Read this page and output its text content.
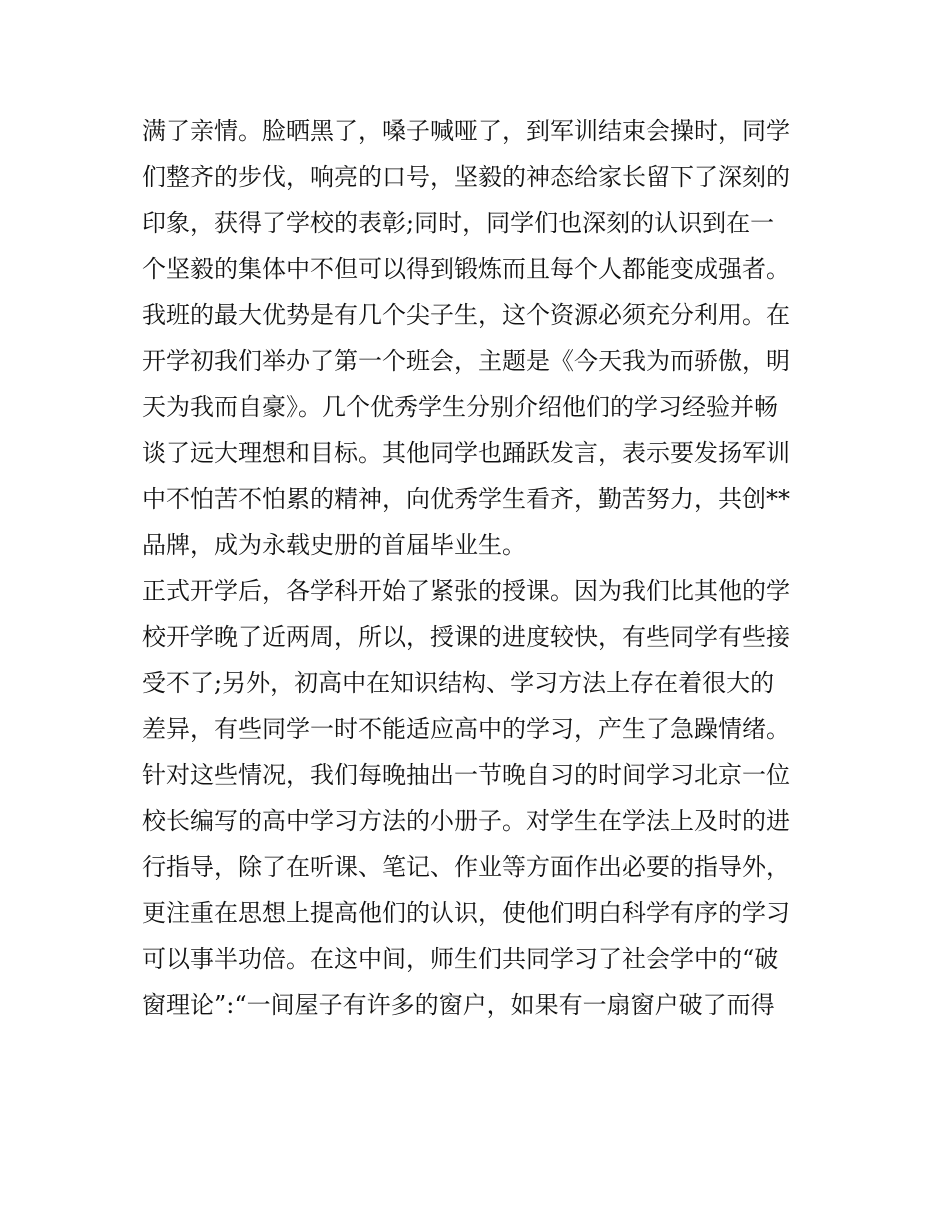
满了亲情。脸晒黑了，嗓子喊哑了，到军训结束会操时，同学
们整齐的步伐，响亮的口号，坚毅的神态给家长留下了深刻的
印象，获得了学校的表彰;同时，同学们也深刻的认识到在一
个坚毅的集体中不但可以得到锻炼而且每个人都能变成强者。
我班的最大优势是有几个尖子生，这个资源必须充分利用。在
开学初我们举办了第一个班会，主题是《今天我为而骄傲，明
天为我而自豪》。几个优秀学生分别介绍他们的学习经验并畅
谈了远大理想和目标。其他同学也踊跃发言，表示要发扬军训
中不怕苦不怕累的精神，向优秀学生看齐，勤苦努力，共创**
品牌，成为永载史册的首届毕业生。
正式开学后，各学科开始了紧张的授课。因为我们比其他的学
校开学晚了近两周，所以，授课的进度较快，有些同学有些接
受不了;另外，初高中在知识结构、学习方法上存在着很大的
差异，有些同学一时不能适应高中的学习，产生了急躁情绪。
针对这些情况，我们每晚抽出一节晚自习的时间学习北京一位
校长编写的高中学习方法的小册子。对学生在学法上及时的进
行指导，除了在听课、笔记、作业等方面作出必要的指导外，
更注重在思想上提高他们的认识，使他们明白科学有序的学习
可以事半功倍。在这中间，师生们共同学习了社会学中的“破
窗理论”:“一间屋子有许多的窗户，如果有一扇窗户破了而得
